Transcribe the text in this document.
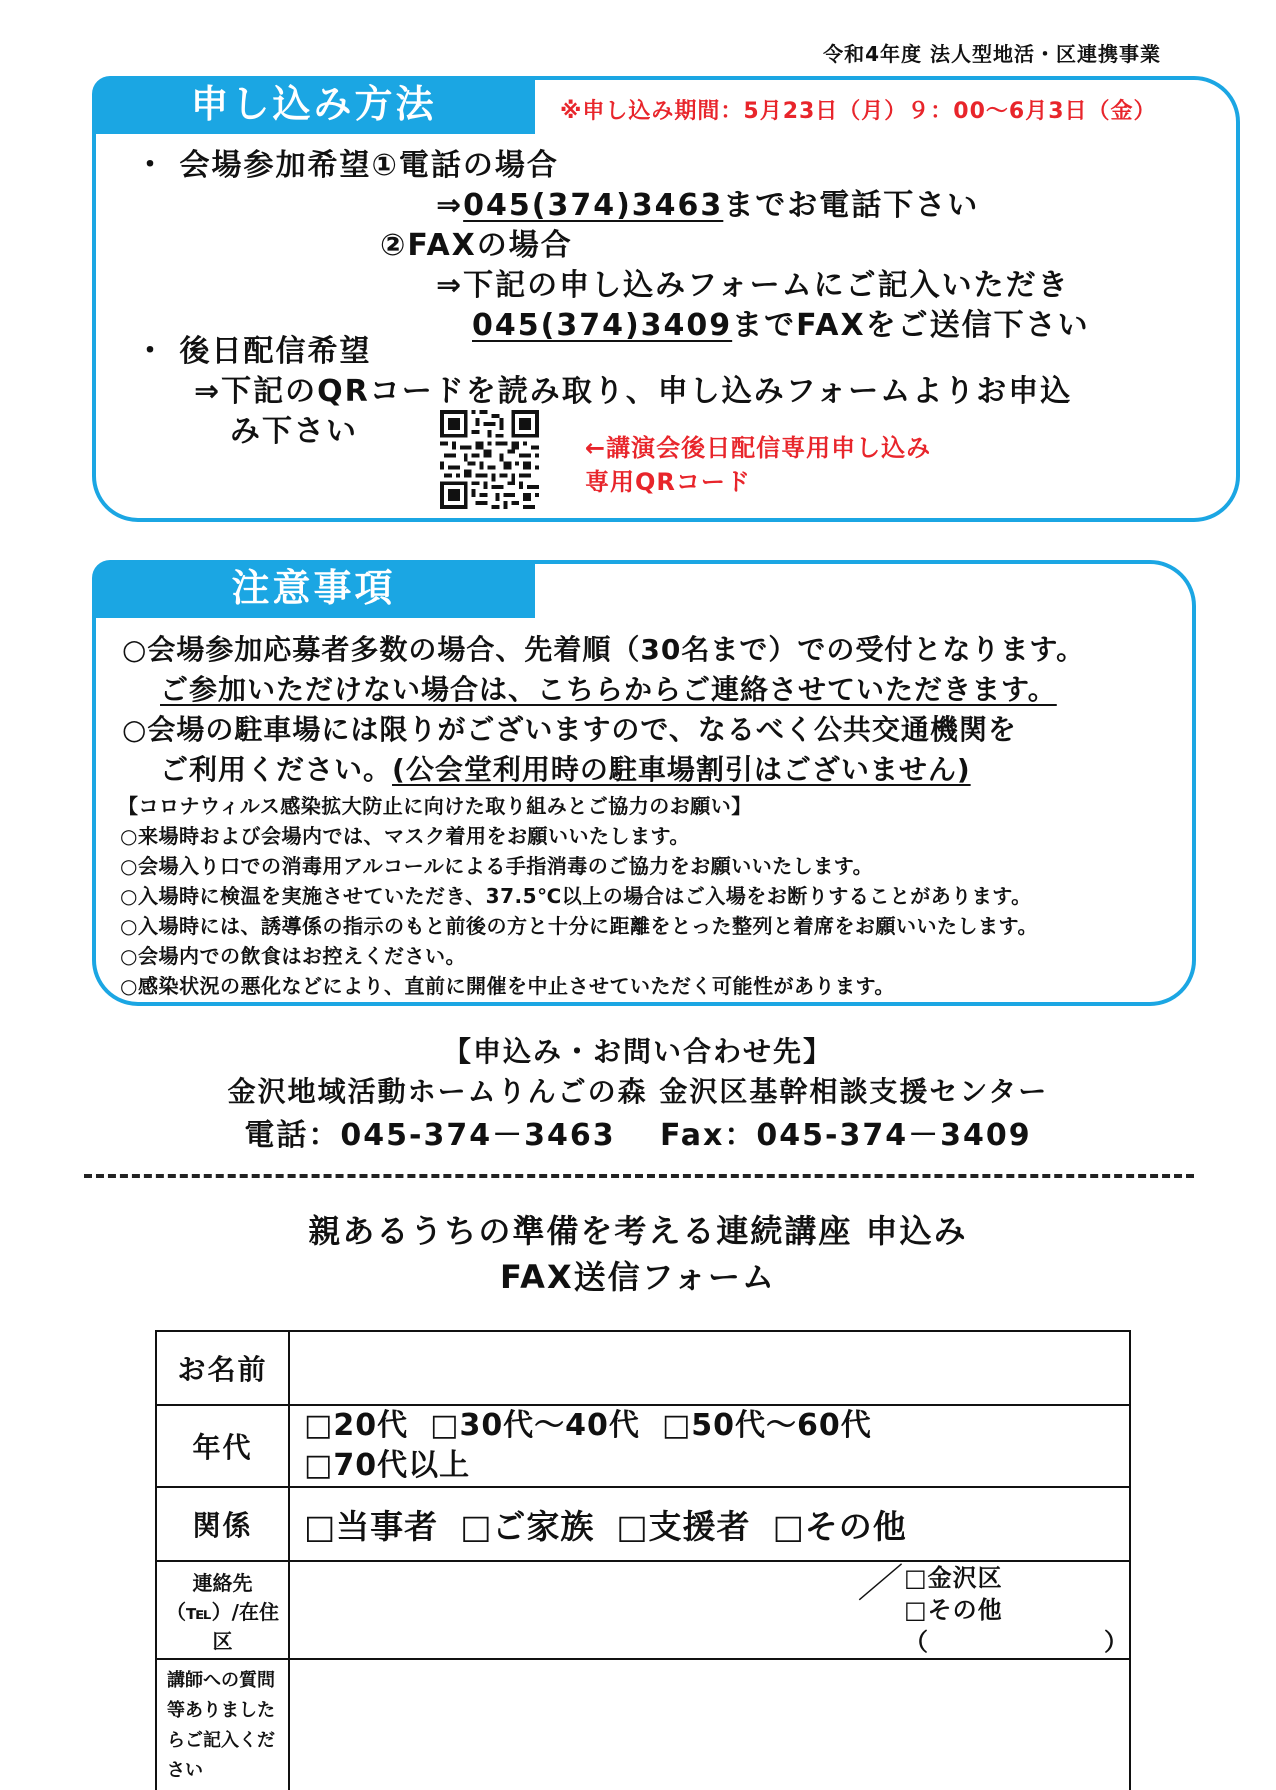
令和4年度 法人型地活・区連携事業
申し込み方法	※申し込み期間：5月23日（月）９：00～6月3日（金）
・ 会場参加希望①電話の場合
⇒045(374)3463までお電話下さい
②FAXの場合
⇒下記の申し込みフォームにご記入いただき
045(374)3409までFAXをご送信下さい
・ 後日配信希望
⇒下記のQRコードを読み取り、申し込みフォームよりお申込
み下さい	←講演会後日配信専用申し込み
専用QRコード
注意事項
○会場参加応募者多数の場合、先着順（30名まで）での受付となります。
ご参加いただけない場合は、こちらからご連絡させていただきます。
○会場の駐車場には限りがございますので、なるべく公共交通機関を
ご利用ください。(公会堂利用時の駐車場割引はございません)
【コロナウィルス感染拡大防止に向けた取り組みとご協力のお願い】
○来場時および会場内では、マスク着用をお願いいたします。
○会場入り口での消毒用アルコールによる手指消毒のご協力をお願いいたします。
○入場時に検温を実施させていただき、37.5℃以上の場合はご入場をお断りすることがあります。
○入場時には、誘導係の指示のもと前後の方と十分に距離をとった整列と着席をお願いいたします。
○会場内での飲食はお控えください。
○感染状況の悪化などにより、直前に開催を中止させていただく可能性があります。
【申込み・お問い合わせ先】
金沢地域活動ホームりんごの森 金沢区基幹相談支援センター
電話：045-374－3463　 Fax：045-374－3409
親あるうちの準備を考える連続講座 申込み
FAX送信フォーム
お名前	
年代	□20代 □30代～40代 □50代～60代
□70代以上
関係	□当事者 □ご家族 □支援者 □その他
連絡先（℡）/在住区	／
□金沢区
□その他（　　　　　　　）

講師への質問等ありましたらご記入ください	
